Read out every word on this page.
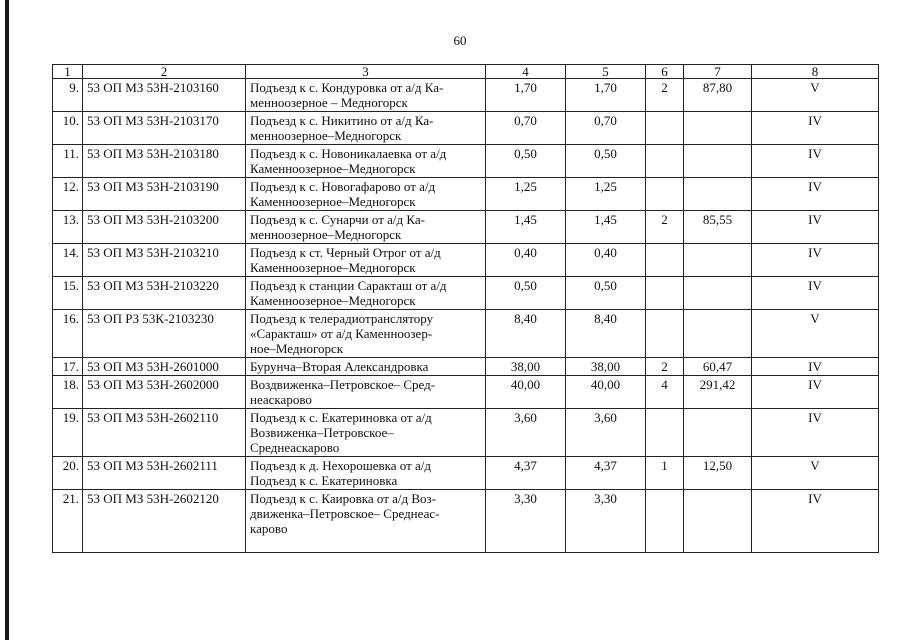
60
1	2	3	4	5	6	7	8
9.	53 ОП МЗ 53Н-2103160	Подъезд к с. Кондуровка от а/д Ка-
менноозерное – Медногорск	1,70	1,70	2	87,80	V
10.	53 ОП МЗ 53Н-2103170	Подъезд к с. Никитино от а/д Ка-
менноозерное–Медногорск	0,70	0,70			IV
11.	53 ОП МЗ 53Н-2103180	Подъезд к с. Новоникалаевка от а/д
Каменноозерное–Медногорск	0,50	0,50			IV
12.	53 ОП МЗ 53Н-2103190	Подъезд к с. Новогафарово от а/д
Каменноозерное–Медногорск	1,25	1,25			IV
13.	53 ОП МЗ 53Н-2103200	Подъезд к с. Сунарчи от а/д Ка-
менноозерное–Медногорск	1,45	1,45	2	85,55	IV
14.	53 ОП МЗ 53Н-2103210	Подъезд к ст. Черный Отрог от а/д
Каменноозерное–Медногорск	0,40	0,40			IV
15.	53 ОП МЗ 53Н-2103220	Подъезд к станции Саракташ от а/д
Каменноозерное–Медногорск	0,50	0,50			IV
16.	53 ОП РЗ 53К-2103230	Подъезд к телерадиотранслятору
«Саракташ» от а/д Каменноозер-
ное–Медногорск	8,40	8,40			V
17.	53 ОП МЗ 53Н-2601000	Бурунча–Вторая Александровка	38,00	38,00	2	60,47	IV
18.	53 ОП МЗ 53Н-2602000	Воздвиженка–Петровское– Сред-
неаскарово	40,00	40,00	4	291,42	IV
19.	53 ОП МЗ 53Н-2602110	Подъезд к с. Екатериновка от а/д
Возвиженка–Петровское–
Среднеаскарово	3,60	3,60			IV
20.	53 ОП МЗ 53Н-2602111	Подъезд к д. Нехорошевка от а/д
Подъезд к с. Екатериновка	4,37	4,37	1	12,50	V
21.	53 ОП МЗ 53Н-2602120	Подъезд к с. Каировка от а/д Воз-
движенка–Петровское– Среднеас-
карово	3,30	3,30			IV
